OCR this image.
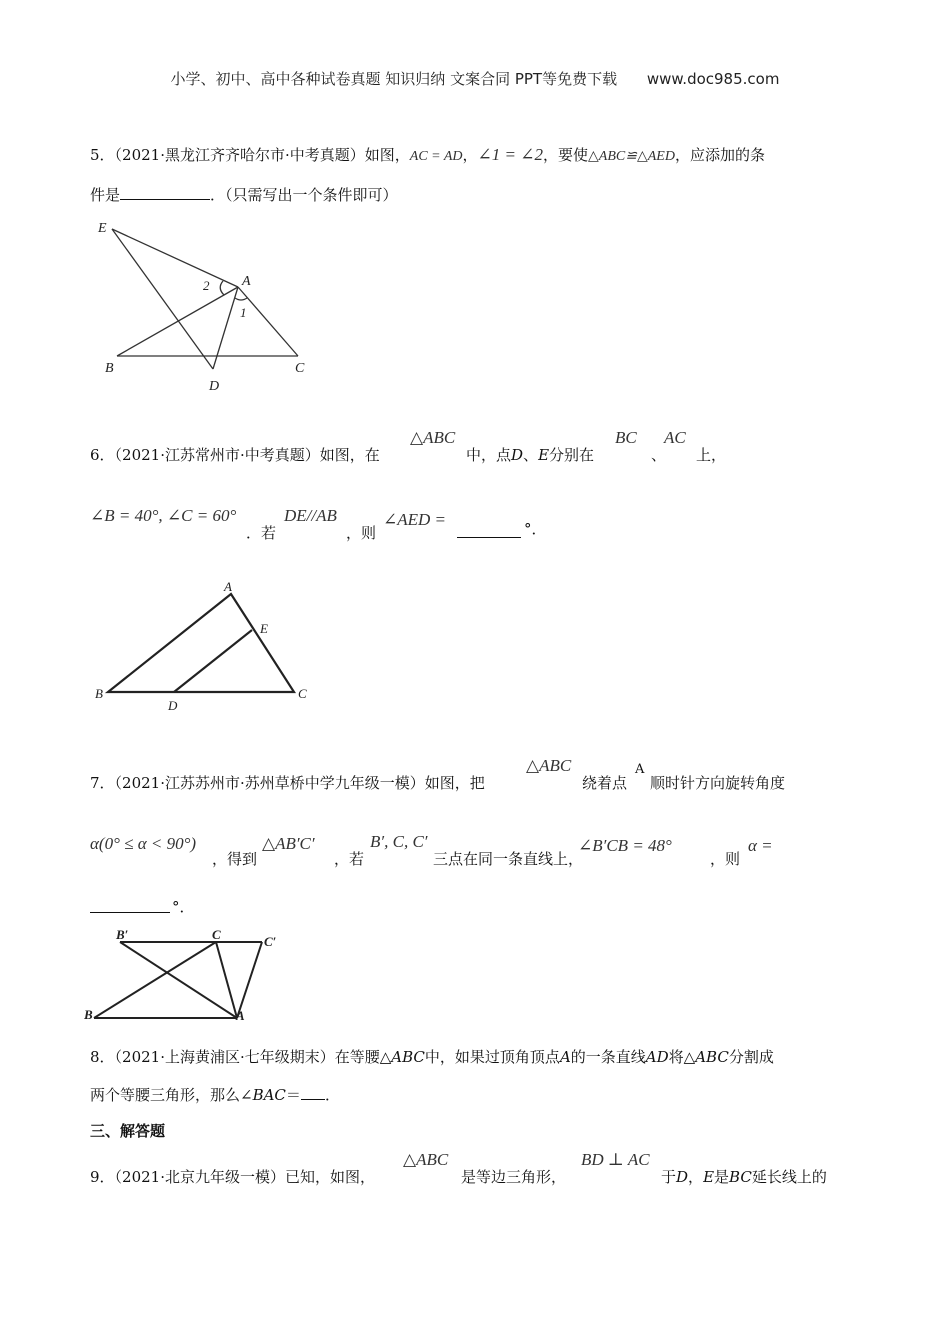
小学、初中、高中各种试卷真题 知识归纳 文案合同 PPT等免费下载 www.doc985.com
5．（2021·黑龙江齐齐哈尔市·中考真题）如图，AC = AD，∠1 = ∠2，要使△ABC≌△AED，应添加的条
件是	．（只需写出一个条件即可）
E
A
B	C
D
1
2
6．（2021·江苏常州市·中考真题）如图，在
△ABC
中，点D、E分别在
BC
、
AC
上，
∠B = 40°, ∠C = 60°
．若
DE//AB
，则
∠AED =	°．
A
E
B
D
C
7．（2021·江苏苏州市·苏州草桥中学九年级一模）如图，把
△ABC
绕着点
A
顺时针方向旋转角度
α(0° ≤ α < 90°)
，得到
△AB′C′
，若
B′, C, C′
三点在同一条直线上，
∠B′CB = 48°
，则
α =
°．
B′	C	C′
B	A
8．（2021·上海黄浦区·七年级期末）在等腰△ABC中，如果过顶角顶点A的一条直线AD将△ABC分割成
两个等腰三角形，那么∠BAC＝ ．
三、解答题
9．（2021·北京九年级一模）已知，如图，
△ABC
是等边三角形，
BD ⊥ AC
于D，E是BC延长线上的
